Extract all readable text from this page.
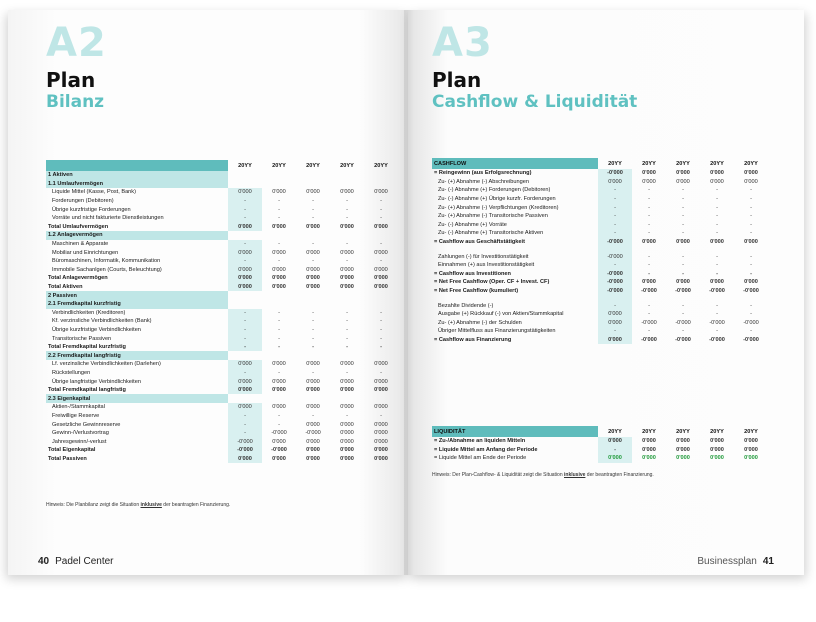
A2
Plan
Bilanz
	20YY	20YY	20YY	20YY	20YY
1 Aktiven					
1.1 Umlaufvermögen					
Liquide Mittel (Kasse, Post, Bank)	0'000	0'000	0'000	0'000	0'000
Forderungen (Debitoren)	-	-	-	-	-
Übrige kurzfristige Forderungen	-	-	-	-	-
Vorräte und nicht fakturierte Dienstleistungen	-	-	-	-	-
Total Umlaufvermögen	0'000	0'000	0'000	0'000	0'000
1.2 Anlagevermögen					
Maschinen & Apparate	-	-	-	-	-
Mobiliar und Einrichtungen	0'000	0'000	0'000	0'000	0'000
Büromaschinen, Informatik, Kommunikation	-	-	-	-	-
Immobile Sachanlgen (Courts, Beleuchtung)	0'000	0'000	0'000	0'000	0'000
Total Anlagevermögen	0'000	0'000	0'000	0'000	0'000
Total Aktiven	0'000	0'000	0'000	0'000	0'000
2 Passiven					
2.1 Fremdkapital kurzfristig					
Verbindlichkeiten (Kreditoren)	-	-	-	-	-
Kf. verzinsliche Verbindlichkeiten (Bank)	-	-	-	-	-
Übrige kurzfristige Verbindlichkeiten	-	-	-	-	-
Transitorische Passiven	-	-	-	-	-
Total Fremdkapital kurzfristig	-	-	-	-	-
2.2 Fremdkapital langfristig					
Lf. verzinsliche Verbindlichkeiten (Darlehen)	0'000	0'000	0'000	0'000	0'000
Rückstellungen	-	-	-	-	-
Übrige langfristige Verbindlichkeiten	0'000	0'000	0'000	0'000	0'000
Total Fremdkapital langfristig	0'000	0'000	0'000	0'000	0'000
2.3 Eigenkapital					
Aktien-/Stammkapital	0'000	0'000	0'000	0'000	0'000
Freiwillige Reserve	-	-	-	-	-
Gesetzliche Gewinnreserve	-	-	0'000	0'000	0'000
Gewinn-/Verlustvortrag	-	-0'000	-0'000	0'000	0'000
Jahresgewinn/-verlust	-0'000	0'000	0'000	0'000	0'000
Total Eigenkapital	-0'000	-0'000	0'000	0'000	0'000
Total Passiven	0'000	0'000	0'000	0'000	0'000
Hinweis: Die Planbilanz zeigt die Situation inklusive der beantragten Finanzierung.
40 Padel Center
A3
Plan
Cashflow & Liquidität
CASHFLOW	20YY	20YY	20YY	20YY	20YY
= Reingewinn (aus Erfolgsrechnung)	-0'000	0'000	0'000	0'000	0'000
Zu- (+) Abnahme (-) Abschreibungen	0'000	0'000	0'000	0'000	0'000
Zu- (-) Abnahme (+) Forderungen (Debitoren)	-	-	-	-	-
Zu- (-) Abnahme (+) Übrige kurzfr. Forderungen	-	-	-	-	-
Zu- (+) Abnahme (-) Verpflichtungen (Kreditoren)	-	-	-	-	-
Zu- (+) Abnahme (-) Transitorische Passiven	-	-	-	-	-
Zu- (-) Abnahme (+) Vorräte	-	-	-	-	-
Zu- (-) Abnahme (+) Transitorische Aktiven	-	-	-	-	-
= Cashflow aus Geschäftstätigkeit	-0'000	0'000	0'000	0'000	0'000

Zahlungen (-) für Investitionstätigkeit	-0'000	-	-	-	-
Einnahmen (+) aus Investitionstätigkeit	-	-	-	-	-
= Cashflow aus Investitionen	-0'000	-	-	-	-
= Net Free Cashflow (Oper. CF + Invest. CF)	-0'000	0'000	0'000	0'000	0'000
= Net Free Cashflow (kumuliert)	-0'000	-0'000	-0'000	-0'000	-0'000

Bezahlte Dividende (-)	-	-	-	-	-
Ausgabe (+) Rückkauf (-) von Aktien/Stammkapital	0'000	-	-	-	-
Zu- (+) Abnahme (-) der Schulden	0'000	-0'000	-0'000	-0'000	-0'000
Übriger Mittelfluss aus Finanzierungstätigkeiten	-	-	-	-	-
= Cashflow aus Finanzierung	0'000	-0'000	-0'000	-0'000	-0'000
LIQUIDITÄT	20YY	20YY	20YY	20YY	20YY
= Zu-/Abnahme an liquiden Mitteln	0'000	0'000	0'000	0'000	0'000
= Liquide Mittel am Anfang der Periode	-	0'000	0'000	0'000	0'000
= Liquide Mittel am Ende der Periode	0'000	0'000	0'000	0'000	0'000
Hinweis: Der Plan-Cashflow- & Liquidität zeigt die Situation inklusive der beantragten Finanzierung.
Businessplan 41
